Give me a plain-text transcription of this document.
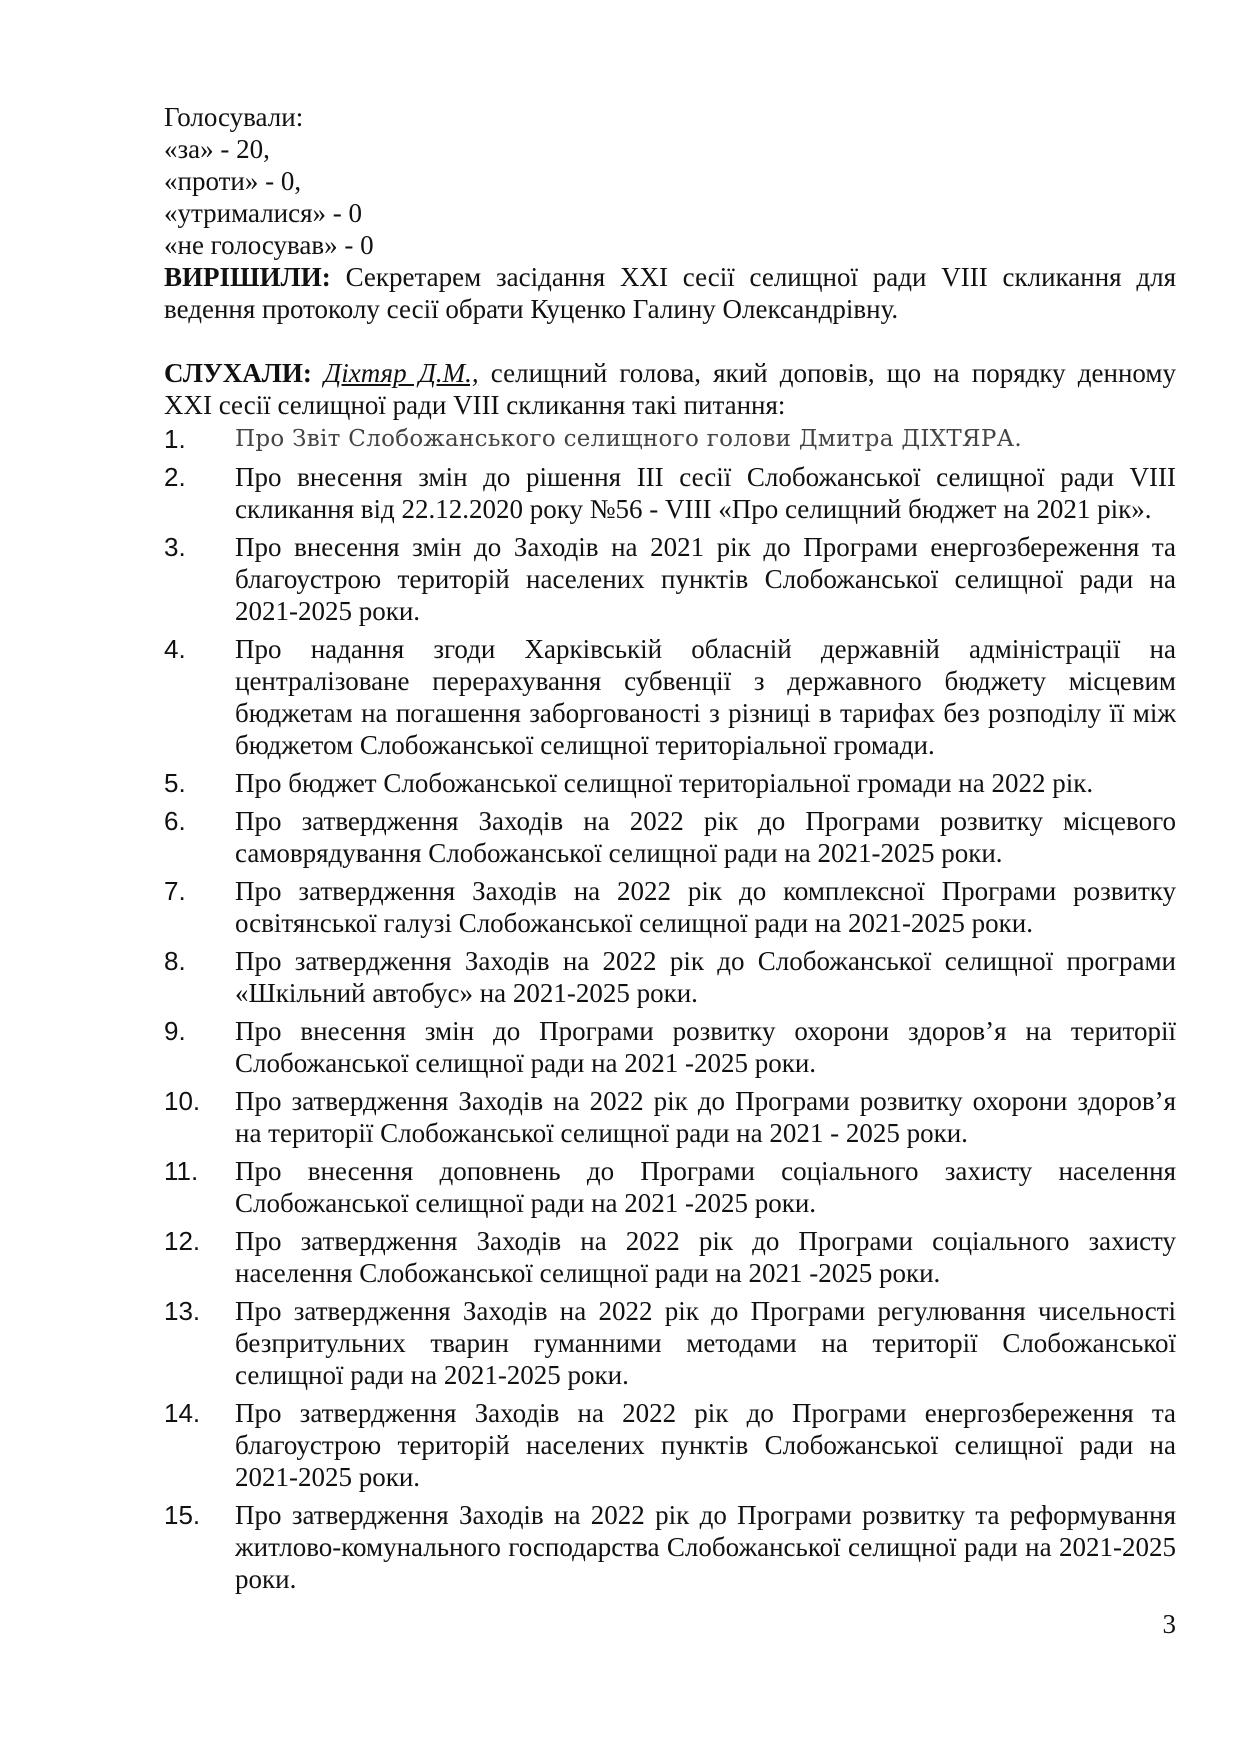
Голосували:

«за» - 20,

«проти» - 0,

«утрималися» - 0

«не голосував» - 0

ВИРІШИЛИ: Секретарем засідання XXI сесії селищної ради VIII скликання для ведення протоколу сесії обрати Куценко Галину Олександрівну.

СЛУХАЛИ: Діхтяр Д.М., селищний голова, який доповів, що на порядку денному XXI сесії селищної ради VIII скликання такі питання:

1.	Про Звіт Слобожанського селищного голови Дмитра ДІХТЯРА.
2.	Про внесення змін до рішення III сесії Слобожанської селищної ради VIII скликання від 22.12.2020 року №56 - VIII «Про селищний бюджет на 2021 рік».
3.	Про внесення змін до Заходів на 2021 рік до Програми енергозбереження та благоустрою територій населених пунктів Слобожанської селищної ради на 2021-2025 роки.
4.	Про надання згоди Харківській обласній державній адміністрації на централізоване перерахування субвенції з державного бюджету місцевим бюджетам на погашення заборгованості з різниці в тарифах без розподілу її між бюджетом Слобожанської селищної територіальної громади.
5.	Про бюджет Слобожанської селищної територіальної громади на 2022 рік.
6.	Про затвердження Заходів на 2022 рік до Програми розвитку місцевого самоврядування Слобожанської селищної ради на 2021-2025 роки.
7.	Про затвердження Заходів на 2022 рік до комплексної Програми розвитку освітянської галузі Слобожанської селищної ради на 2021-2025 роки.
8.	Про затвердження Заходів на 2022 рік до Слобожанської селищної програми «Шкільний автобус» на 2021-2025 роки.
9.	Про внесення змін до Програми розвитку охорони здоров’я на території Слобожанської селищної ради на 2021 -2025 роки.
10.	Про затвердження Заходів на 2022 рік до Програми розвитку охорони здоров’я на території Слобожанської селищної ради на 2021 - 2025 роки.
11.	Про внесення доповнень до Програми соціального захисту населення Слобожанської селищної ради на 2021 -2025 роки.
12.	Про затвердження Заходів на 2022 рік до Програми соціального захисту населення Слобожанської селищної ради на 2021 -2025 роки.
13.	Про затвердження Заходів на 2022 рік до Програми регулювання чисельності безпритульних тварин гуманними методами на території Слобожанської селищної ради на 2021-2025 роки.
14.	Про затвердження Заходів на 2022 рік до Програми енергозбереження та благоустрою територій населених пунктів Слобожанської селищної ради на 2021-2025 роки.
15.	Про затвердження Заходів на 2022 рік до Програми розвитку та реформування житлово-комунального господарства Слобожанської селищної ради на 2021-2025 роки.
3
